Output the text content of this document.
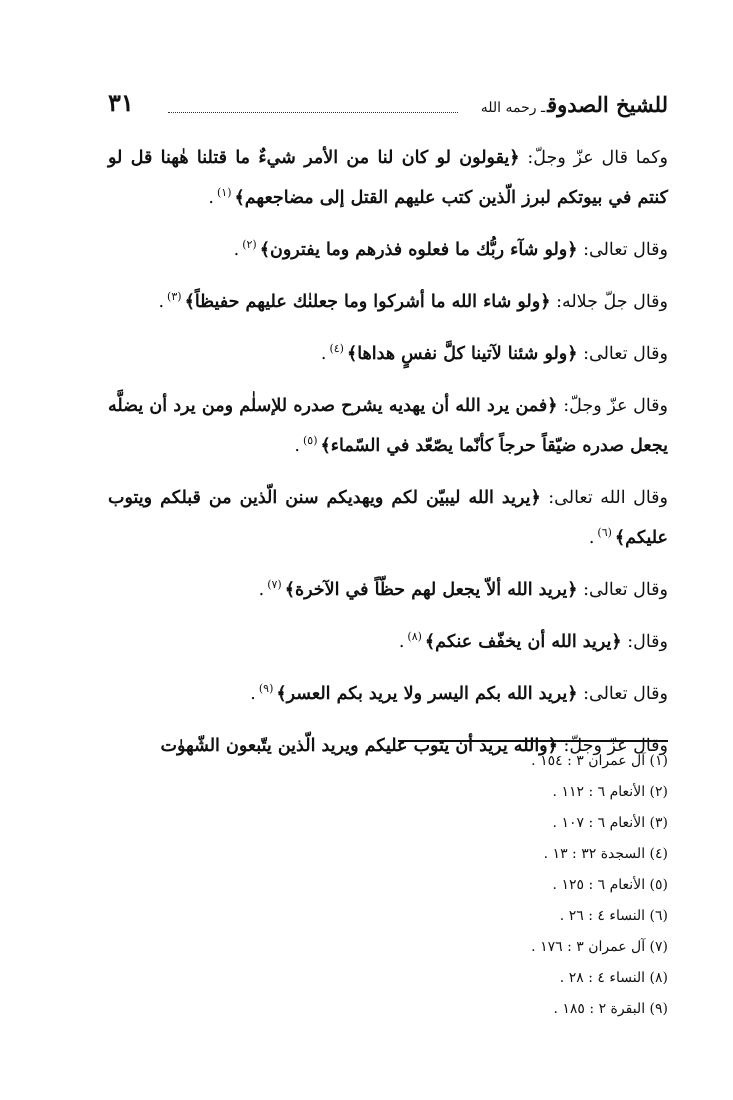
للشيخ الصدوقـ رحمه الله
٣١

وكما قال عزّ وجلّ: ﴿يقولون لو كان لنا من الأمر شيءٌ ما قتلنا هٰهنا قل لو كنتم في بيوتكم لبرز الّذين كتب عليهم القتل إلى مضاجعهم﴾$^{(١)}$.

وقال تعالى: ﴿ولو شآء ربُّك ما فعلوه فذرهم وما يفترون﴾$^{(٢)}$.

وقال جلّ جلاله: ﴿ولو شاء الله ما أشركوا وما جعلنٰك عليهم حفيظاً﴾$^{(٣)}$.

وقال تعالى: ﴿ولو شئنا لآتينا كلَّ نفسٍ هداها﴾$^{(٤)}$.

وقال عزّ وجلّ: ﴿فمن يرد الله أن يهديه يشرح صدره للإسلٰم ومن يرد أن يضلَّه يجعل صدره ضيّقاً حرجاً كأنّما يصّعّد في السّماء﴾$^{(٥)}$.

وقال الله تعالى: ﴿يريد الله ليبيّن لكم ويهديكم سنن الّذين من قبلكم ويتوب عليكم﴾$^{(٦)}$.

وقال تعالى: ﴿يريد الله ألاّ يجعل لهم حظّاً في الآخرة﴾$^{(٧)}$.

وقال: ﴿يريد الله أن يخفّف عنكم﴾$^{(٨)}$.

وقال تعالى: ﴿يريد الله بكم اليسر ولا يريد بكم العسر﴾$^{(٩)}$.

وقال عزّ وجلّ: ﴿والله يريد أن يتوب عليكم ويريد الّذين يتّبعون الشّهوٰت

(١) آل عمران ٣ : ١٥٤ .
(٢) الأنعام ٦ : ١١٢ .
(٣) الأنعام ٦ : ١٠٧ .
(٤) السجدة ٣٢ : ١٣ .
(٥) الأنعام ٦ : ١٢٥ .
(٦) النساء ٤ : ٢٦ .
(٧) آل عمران ٣ : ١٧٦ .
(٨) النساء ٤ : ٢٨ .
(٩) البقرة ٢ : ١٨٥ .
